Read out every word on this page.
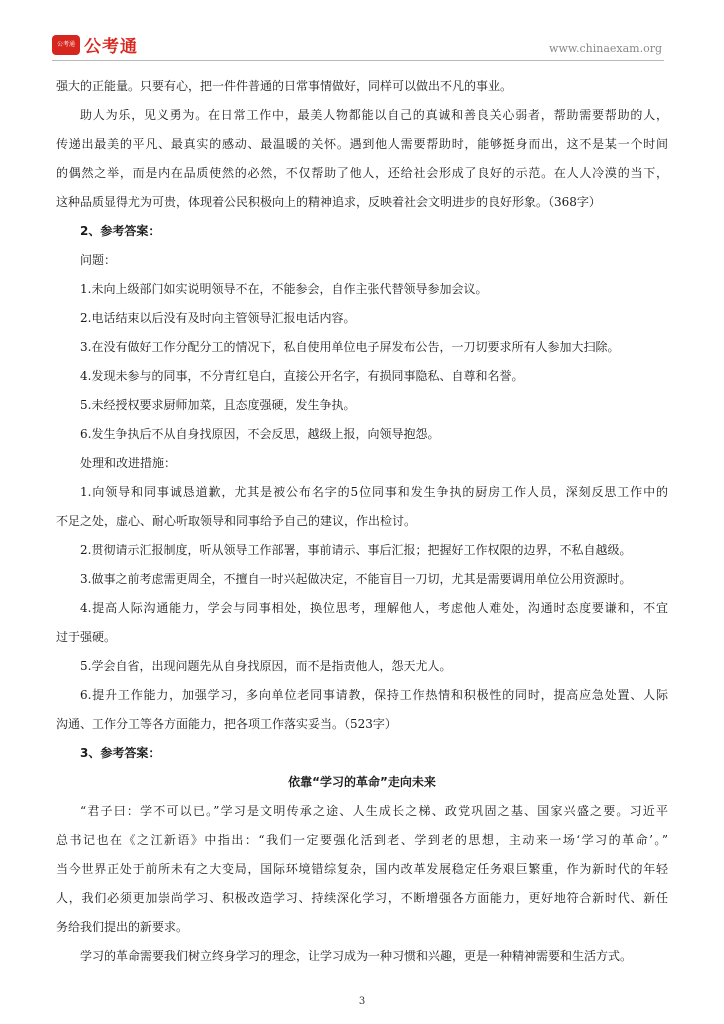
公考通 公考通	www.chinaexam.org
强大的正能量。只要有心，把一件件普通的日常事情做好，同样可以做出不凡的事业。
助人为乐，见义勇为。在日常工作中，最美人物都能以自己的真诚和善良关心弱者，帮助需要帮助的人，
传递出最美的平凡、最真实的感动、最温暖的关怀。遇到他人需要帮助时，能够挺身而出，这不是某一个时间
的偶然之举，而是内在品质使然的必然，不仅帮助了他人，还给社会形成了良好的示范。在人人冷漠的当下，
这种品质显得尤为可贵，体现着公民积极向上的精神追求，反映着社会文明进步的良好形象。（368字）
2、参考答案：
问题：
1.未向上级部门如实说明领导不在，不能参会，自作主张代替领导参加会议。
2.电话结束以后没有及时向主管领导汇报电话内容。
3.在没有做好工作分配分工的情况下，私自使用单位电子屏发布公告，一刀切要求所有人参加大扫除。
4.发现未参与的同事，不分青红皂白，直接公开名字，有损同事隐私、自尊和名誉。
5.未经授权要求厨师加菜，且态度强硬，发生争执。
6.发生争执后不从自身找原因，不会反思，越级上报，向领导抱怨。
处理和改进措施：
1.向领导和同事诚恳道歉，尤其是被公布名字的5位同事和发生争执的厨房工作人员，深刻反思工作中的
不足之处，虚心、耐心听取领导和同事给予自己的建议，作出检讨。
2.贯彻请示汇报制度，听从领导工作部署，事前请示、事后汇报；把握好工作权限的边界，不私自越级。
3.做事之前考虑需更周全，不擅自一时兴起做决定，不能盲目一刀切，尤其是需要调用单位公用资源时。
4.提高人际沟通能力，学会与同事相处，换位思考，理解他人，考虑他人难处，沟通时态度要谦和，不宜
过于强硬。
5.学会自省，出现问题先从自身找原因，而不是指责他人，怨天尤人。
6.提升工作能力，加强学习，多向单位老同事请教，保持工作热情和积极性的同时，提高应急处置、人际
沟通、工作分工等各方面能力，把各项工作落实妥当。（523字）
3、参考答案：
依靠“学习的革命”走向未来
“君子曰：学不可以已。”学习是文明传承之途、人生成长之梯、政党巩固之基、国家兴盛之要。习近平
总书记也在《之江新语》中指出：“我们一定要强化活到老、学到老的思想，主动来一场‘学习的革命’。”
当今世界正处于前所未有之大变局，国际环境错综复杂，国内改革发展稳定任务艰巨繁重，作为新时代的年轻
人，我们必须更加崇尚学习、积极改造学习、持续深化学习，不断增强各方面能力，更好地符合新时代、新任
务给我们提出的新要求。
学习的革命需要我们树立终身学习的理念，让学习成为一种习惯和兴趣，更是一种精神需要和生活方式。
3
